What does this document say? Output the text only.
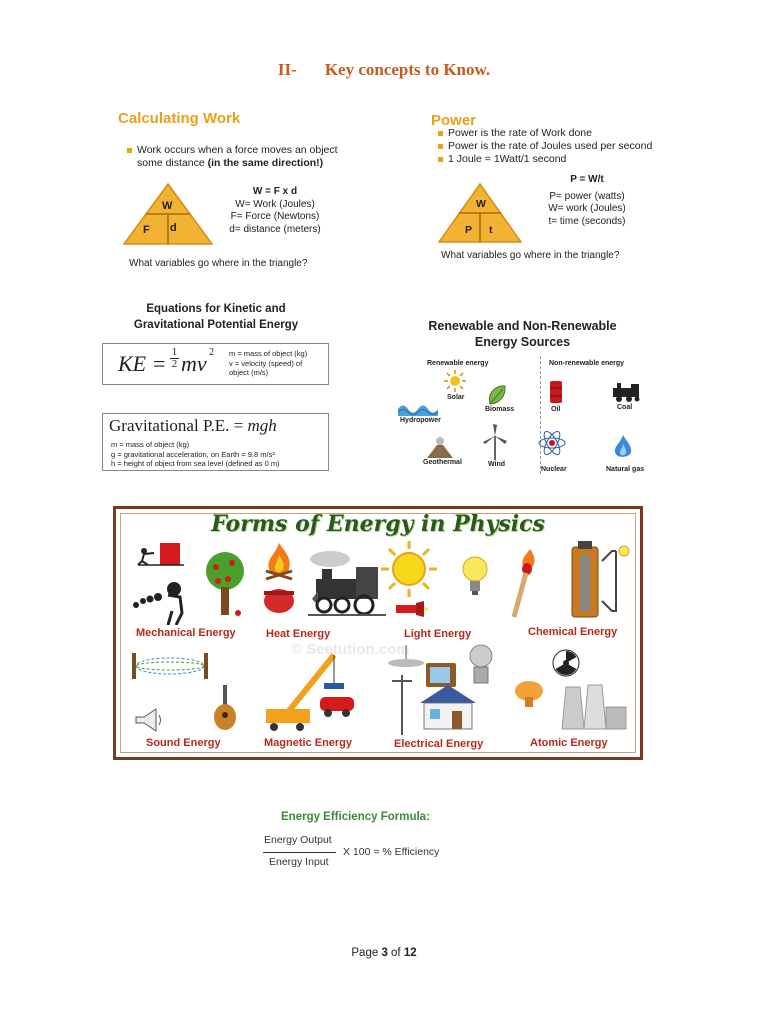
II- Key concepts to Know.
Calculating Work
Work occurs when a force moves an object
some distance (in the same direction!)
W
F d
W = F x d
W= Work (Joules)
F= Force (Newtons)
d= distance (meters)
What variables go where in the triangle?
Power
Power is the rate of Work done
Power is the rate of Joules used per second
1 Joule = 1Watt/1 second
W
P t
P = W/t
P= power (watts)
W= work (Joules)
t= time (seconds)
What variables go where in the triangle?
Equations for Kinetic and
Gravitational Potential Energy
KE = 1
2 mv 2 m = mass of object (kg)
v = velocity (speed) of
object (m/s)
Gravitational P.E. = mgh
m = mass of object (kg)
g = gravitational acceleration, on Earth = 9.8 m/s²
h = height of object from sea level (defined as 0 m)
Renewable and Non-Renewable
Energy Sources
Renewable energy	Non-renewable energy
Solar
Biomass
Hydropower
Geothermal	Wind
Oil	Coal
Nuclear	Natural gas
Forms of Energy in Physics
© Seetution.com
Mechanical Energy	Heat Energy	Light Energy	Chemical Energy
Sound Energy	Magnetic Energy	Electrical Energy	Atomic Energy
Energy Efficiency Formula:
Energy Output
Energy Input
X 100 = % Efficiency
Page 3 of 12
